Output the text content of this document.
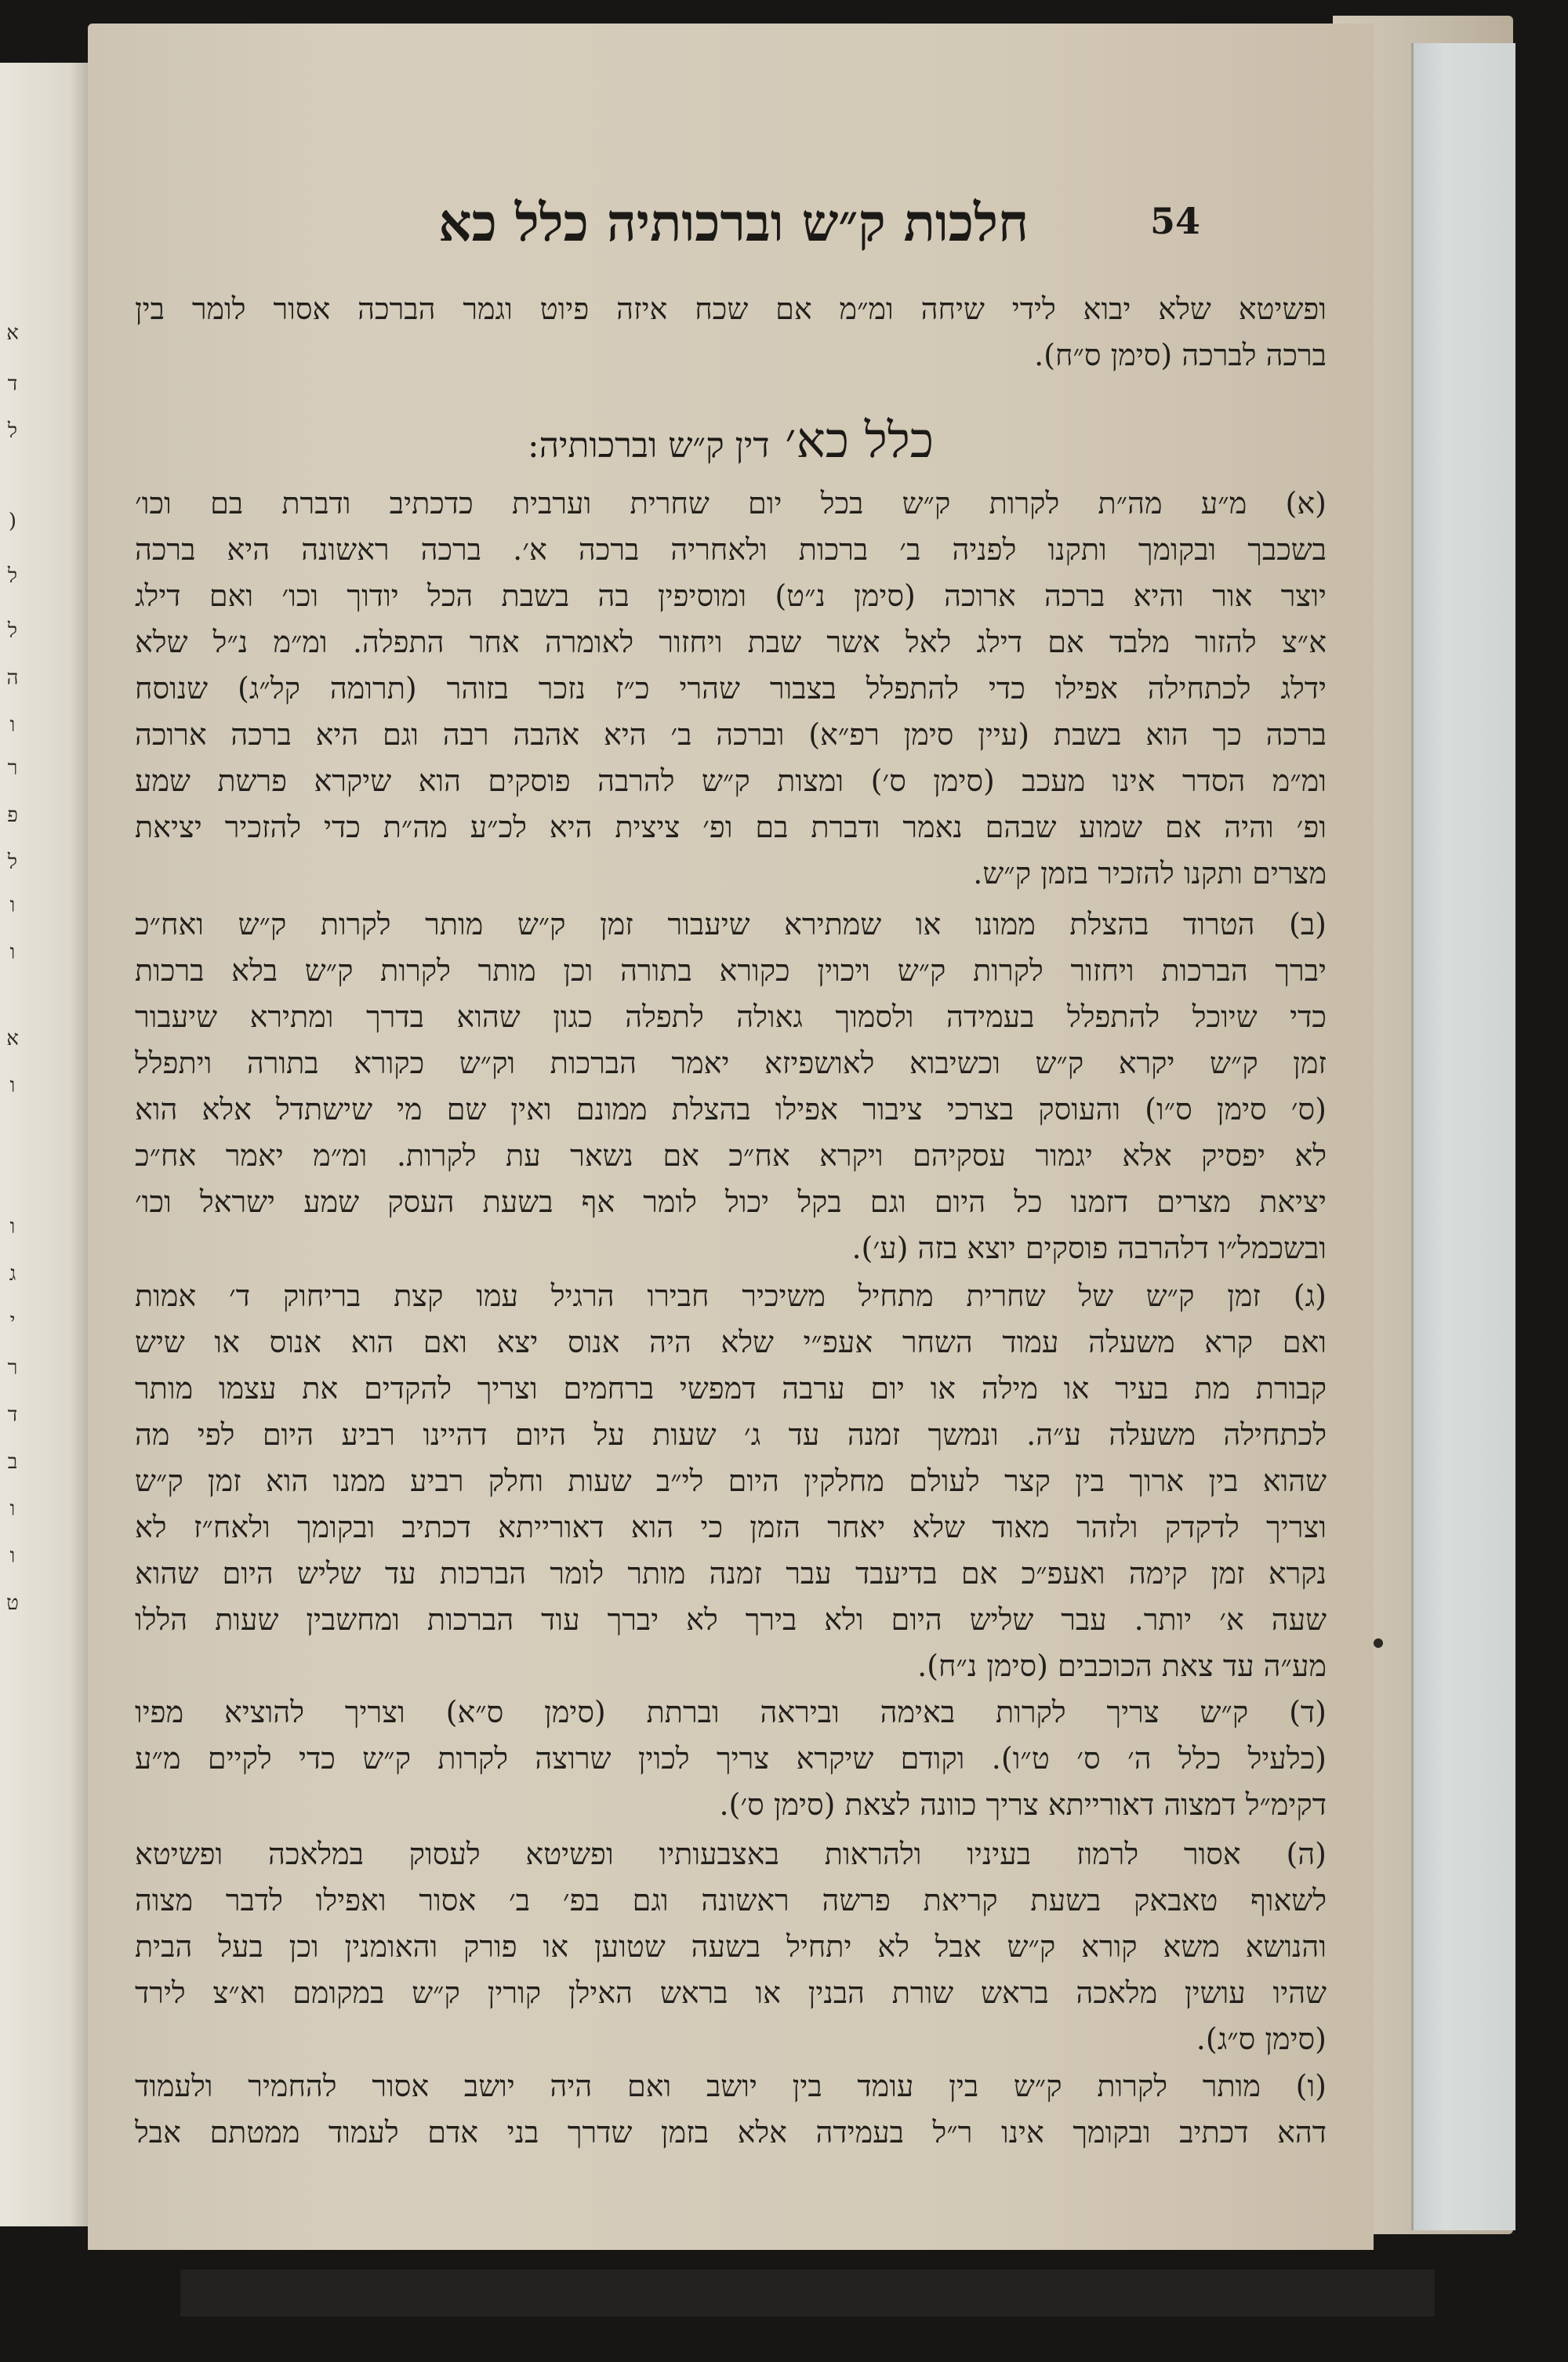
א
ד
ל
)
ל
ל
ה
ו
ר
פ
ל
ו
ו
א
ו
ו
ג
י
ר
ד
ב
ו
ו
ט
חלכות ק״ש וברכותיה כלל כא	54
ופשיטא שלא יבוא לידי שיחה ומ״מ אם שכח איזה פיוט וגמר הברכה אסור לומר בין
ברכה לברכה (סימן ס״ח).
כלל כא׳ דין ק״ש וברכותיה:
(א) מ״ע מה״ת לקרות ק״ש בכל יום שחרית וערבית כדכתיב ודברת בם וכו׳
בשכבך ובקומך ותקנו לפניה ב׳ ברכות ולאחריה ברכה א׳. ברכה ראשונה היא ברכה
יוצר אור והיא ברכה ארוכה (סימן נ״ט) ומוסיפין בה בשבת הכל יודוך וכו׳ ואם דילג
א״צ להזור מלבד אם דילג לאל אשר שבת ויחזור לאומרה אחר התפלה. ומ״מ נ״ל שלא
ידלג לכתחילה אפילו כדי להתפלל בצבור שהרי כ״ז נזכר בזוהר (תרומה קל״ג) שנוסח
ברכה כך הוא בשבת (עיין סימן רפ״א) וברכה ב׳ היא אהבה רבה וגם היא ברכה ארוכה
ומ״מ הסדר אינו מעכב (סימן ס׳) ומצות ק״ש להרבה פוסקים הוא שיקרא פרשת שמע
ופ׳ והיה אם שמוע שבהם נאמר ודברת בם ופ׳ ציצית היא לכ״ע מה״ת כדי להזכיר יציאת
מצרים ותקנו להזכיר בזמן ק״ש.
(ב) הטרוד בהצלת ממונו או שמתירא שיעבור זמן ק״ש מותר לקרות ק״ש ואח״כ
יברך הברכות ויחזור לקרות ק״ש ויכוין כקורא בתורה וכן מותר לקרות ק״ש בלא ברכות
כדי שיוכל להתפלל בעמידה ולסמוך גאולה לתפלה כגון שהוא בדרך ומתירא שיעבור
זמן ק״ש יקרא ק״ש וכשיבוא לאושפיזא יאמר הברכות וק״ש כקורא בתורה ויתפלל
(ס׳ סימן ס״ו) והעוסק בצרכי ציבור אפילו בהצלת ממונם ואין שם מי שישתדל אלא הוא
לא יפסיק אלא יגמור עסקיהם ויקרא אח״כ אם נשאר עת לקרות. ומ״מ יאמר אח״כ
יציאת מצרים דזמנו כל היום וגם בקל יכול לומר אף בשעת העסק שמע ישראל וכו׳
ובשכמל״ו דלהרבה פוסקים יוצא בזה (ע׳).
(ג) זמן ק״ש של שחרית מתחיל משיכיר חבירו הרגיל עמו קצת בריחוק ד׳ אמות
ואם קרא משעלה עמוד השחר אעפ״י שלא היה אנוס יצא ואם הוא אנוס או שיש
קבורת מת בעיר או מילה או יום ערבה דמפשי ברחמים וצריך להקדים את עצמו מותר
לכתחילה משעלה ע״ה. ונמשך זמנה עד ג׳ שעות על היום דהיינו רביע היום לפי מה
שהוא בין ארוך בין קצר לעולם מחלקין היום לי״ב שעות וחלק רביע ממנו הוא זמן ק״ש
וצריך לדקדק ולזהר מאוד שלא יאחר הזמן כי הוא דאורייתא דכתיב ובקומך ולאח״ז לא
נקרא זמן קימה ואעפ״כ אם בדיעבד עבר זמנה מותר לומר הברכות עד שליש היום שהוא
שעה א׳ יותר. עבר שליש היום ולא בירך לא יברך עוד הברכות ומחשבין שעות הללו
מע״ה עד צאת הכוכבים (סימן נ״ח).
(ד) ק״ש צריך לקרות באימה וביראה וברתת (סימן ס״א) וצריך להוציא מפיו
(כלעיל כלל ה׳ ס׳ ט״ו). וקודם שיקרא צריך לכוין שרוצה לקרות ק״ש כדי לקיים מ״ע
דקימ״ל דמצוה דאורייתא צריך כוונה לצאת (סימן ס׳).
(ה) אסור לרמוז בעיניו ולהראות באצבעותיו ופשיטא לעסוק במלאכה ופשיטא
לשאוף טאבאק בשעת קריאת פרשה ראשונה וגם בפ׳ ב׳ אסור ואפילו לדבר מצוה
והנושא משא קורא ק״ש אבל לא יתחיל בשעה שטוען או פורק והאומנין וכן בעל הבית
שהיו עושין מלאכה בראש שורת הבנין או בראש האילן קורין ק״ש במקומם וא״צ לירד
(סימן ס״ג).
(ו) מותר לקרות ק״ש בין עומד בין יושב ואם היה יושב אסור להחמיר ולעמוד
דהא דכתיב ובקומך אינו ר״ל בעמידה אלא בזמן שדרך בני אדם לעמוד ממטתם אבל
